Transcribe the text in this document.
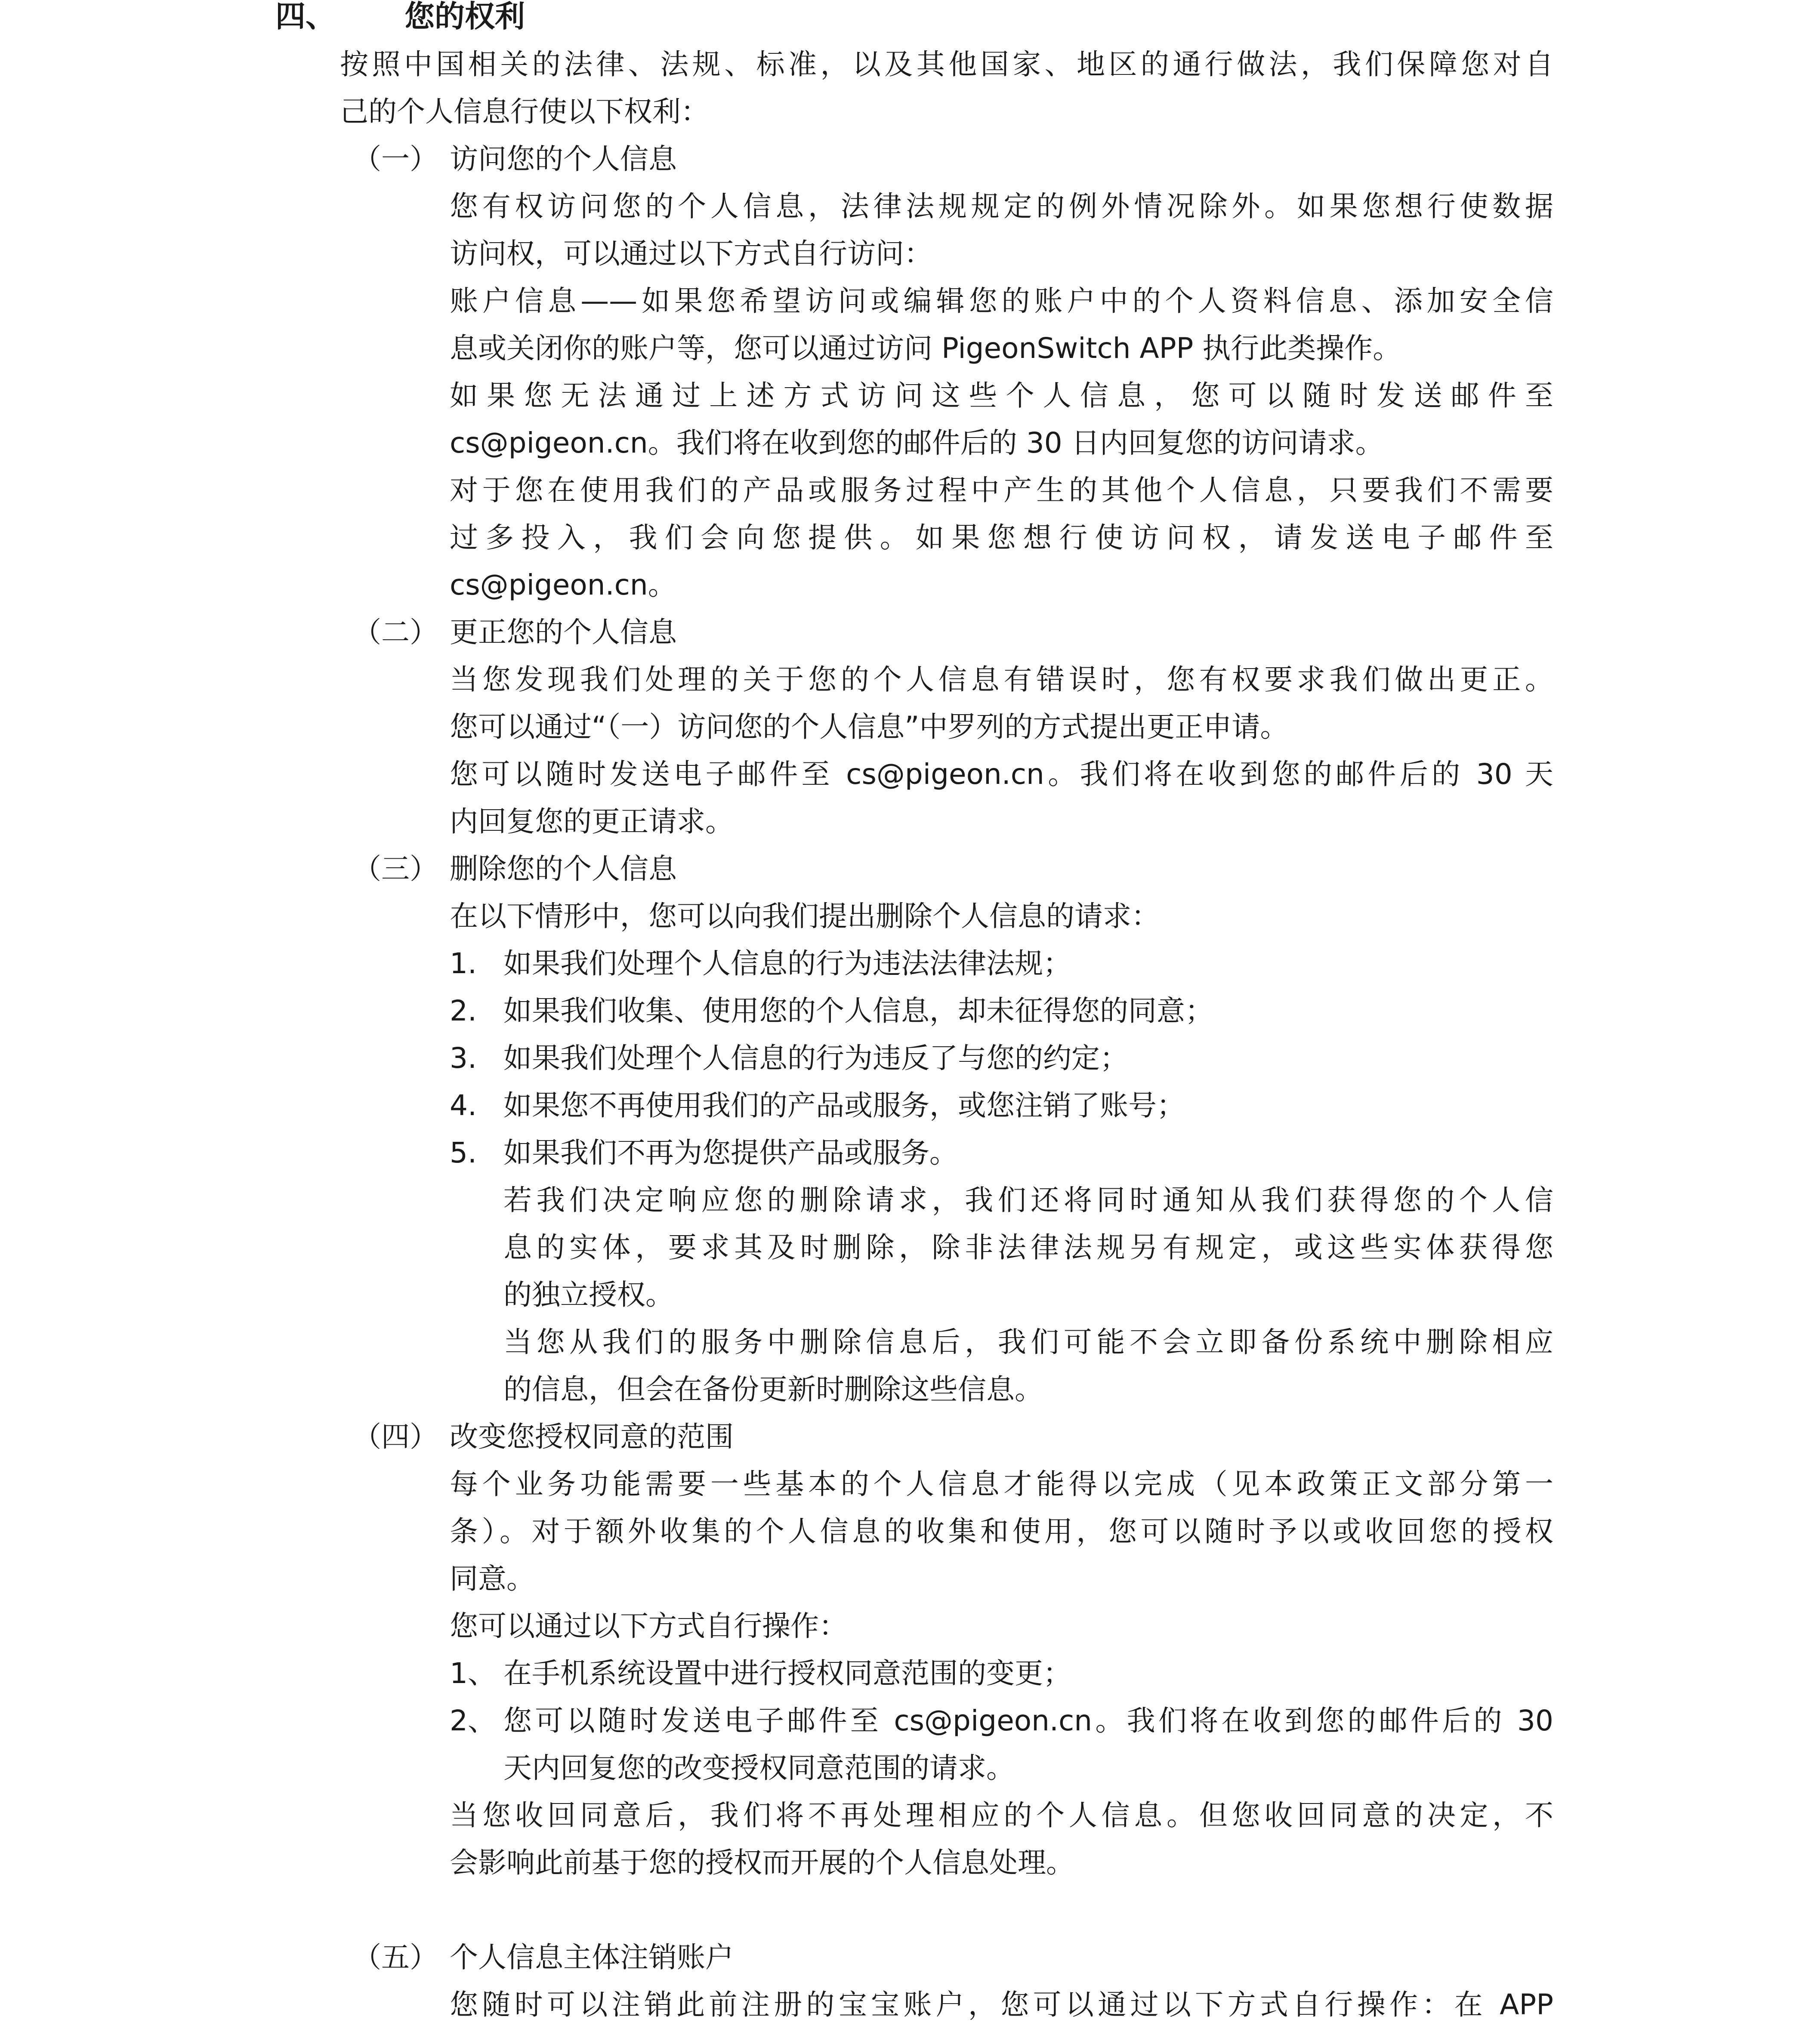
四、 您的权利
按照中国相关的法律、法规、标准，以及其他国家、地区的通行做法，我们保障您对自
己的个人信息行使以下权利：
（一） 访问您的个人信息
您有权访问您的个人信息，法律法规规定的例外情况除外。如果您想行使数据
访问权，可以通过以下方式自行访问：
账户信息——如果您希望访问或编辑您的账户中的个人资料信息、添加安全信
息或关闭你的账户等，您可以通过访问 PigeonSwitch APP 执行此类操作。
如果您无法通过上述方式访问这些个人信息，您可以随时发送邮件至
cs@pigeon.cn。我们将在收到您的邮件后的 30 日内回复您的访问请求。
对于您在使用我们的产品或服务过程中产生的其他个人信息，只要我们不需要
过多投入，我们会向您提供。如果您想行使访问权，请发送电子邮件至
cs@pigeon.cn。
（二） 更正您的个人信息
当您发现我们处理的关于您的个人信息有错误时，您有权要求我们做出更正。
您可以通过“（一）访问您的个人信息”中罗列的方式提出更正申请。
您可以随时发送电子邮件至 cs@pigeon.cn。我们将在收到您的邮件后的 30 天
内回复您的更正请求。
（三） 删除您的个人信息
在以下情形中，您可以向我们提出删除个人信息的请求：
1. 如果我们处理个人信息的行为违法法律法规；
2. 如果我们收集、使用您的个人信息，却未征得您的同意；
3. 如果我们处理个人信息的行为违反了与您的约定；
4. 如果您不再使用我们的产品或服务，或您注销了账号；
5. 如果我们不再为您提供产品或服务。
若我们决定响应您的删除请求，我们还将同时通知从我们获得您的个人信
息的实体，要求其及时删除，除非法律法规另有规定，或这些实体获得您
的独立授权。
当您从我们的服务中删除信息后，我们可能不会立即备份系统中删除相应
的信息，但会在备份更新时删除这些信息。
（四） 改变您授权同意的范围
每个业务功能需要一些基本的个人信息才能得以完成（见本政策正文部分第一
条）。对于额外收集的个人信息的收集和使用，您可以随时予以或收回您的授权
同意。
您可以通过以下方式自行操作：
1、 在手机系统设置中进行授权同意范围的变更；
2、 您可以随时发送电子邮件至 cs@pigeon.cn。我们将在收到您的邮件后的 30
天内回复您的改变授权同意范围的请求。
当您收回同意后，我们将不再处理相应的个人信息。但您收回同意的决定，不
会影响此前基于您的授权而开展的个人信息处理。
（五） 个人信息主体注销账户
您随时可以注销此前注册的宝宝账户，您可以通过以下方式自行操作：在 APP
